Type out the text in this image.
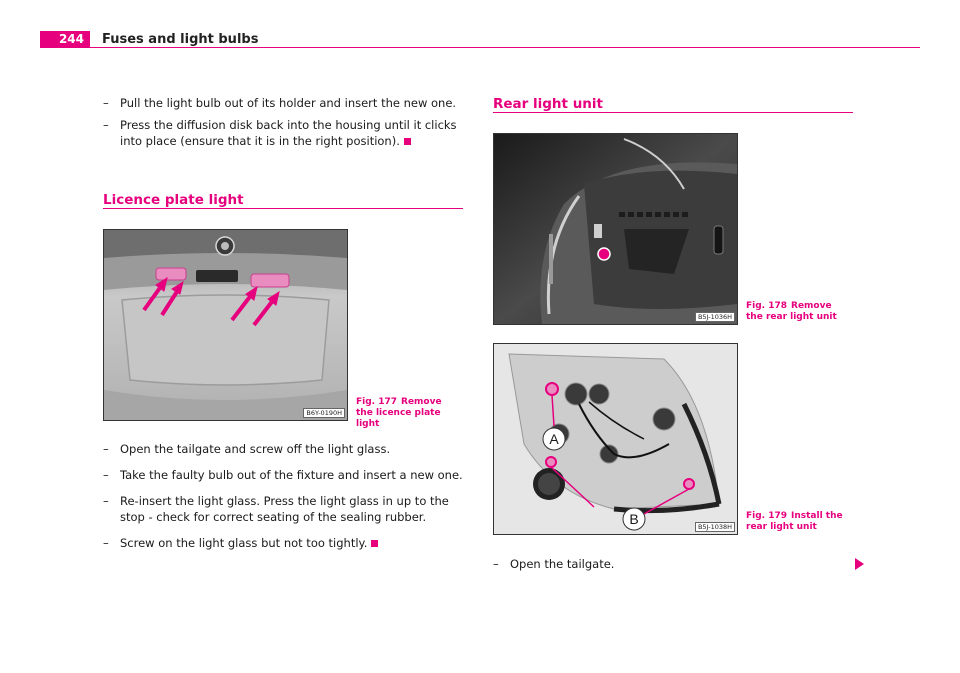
244	Fuses and light bulbs
– Pull the light bulb out of its holder and insert the new one.
– Press the diffusion disk back into the housing until it clicks into place (ensure that it is in the right position).
Licence plate light
B6Y-0190H
Fig. 177 Remove the licence plate light
– Open the tailgate and screw off the light glass.
– Take the faulty bulb out of the fixture and insert a new one.
– Re-insert the light glass. Press the light glass in up to the stop - check for correct seating of the sealing rubber.
– Screw on the light glass but not too tightly.
Rear light unit
B5J-1036H
Fig. 178 Remove the rear light unit
A
B	B5J-1038H
Fig. 179 Install the rear light unit
– Open the tailgate.
